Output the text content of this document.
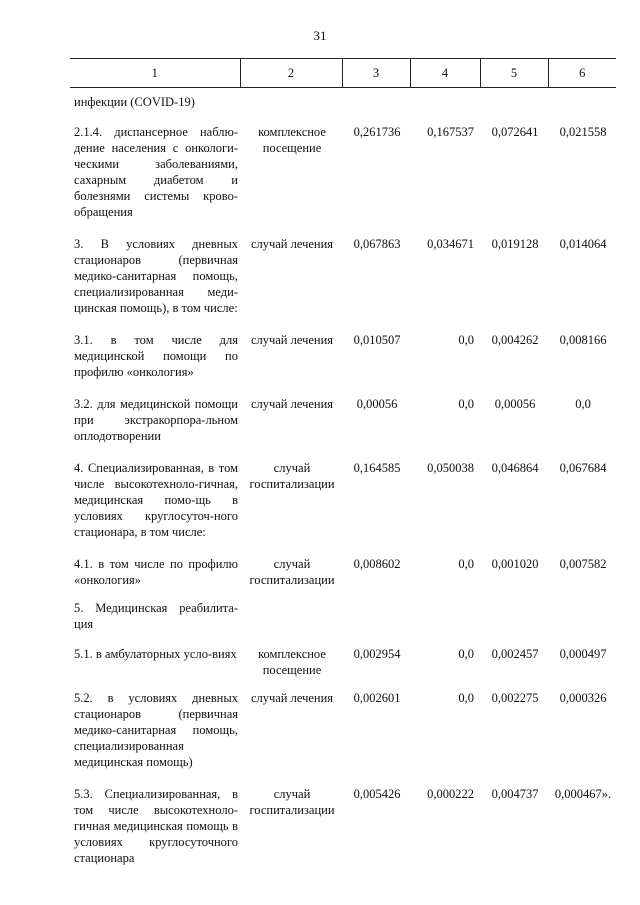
31
1	2	3	4	5	6
инфекции (COVID-19)					
2.1.4. диспансерное наблю-дение населения с онкологи-ческими заболеваниями, сахарным диабетом и болезнями системы крово-обращения	комплексное посещение	0,261736	0,167537	0,072641	0,021558
3. В условиях дневных стационаров (первичная медико-санитарная помощь, специализированная меди-цинская помощь), в том числе:	случай лечения	0,067863	0,034671	0,019128	0,014064
3.1. в том числе для медицинской помощи по профилю «онкология»	случай лечения	0,010507	0,0	0,004262	0,008166
3.2. для медицинской помощи при экстракорпора-льном оплодотворении	случай лечения	0,00056	0,0	0,00056	0,0
4. Специализированная, в том числе высокотехноло-гичная, медицинская помо-щь в условиях круглосуточ-ного стационара, в том числе:	случай госпитализации	0,164585	0,050038	0,046864	0,067684
4.1. в том числе по профилю «онкология»	случай госпитализации	0,008602	0,0	0,001020	0,007582
5. Медицинская реабилита-ция					
5.1. в амбулаторных усло-виях	комплексное посещение	0,002954	0,0	0,002457	0,000497
5.2. в условиях дневных стационаров (первичная медико-санитарная помощь, специализированная медицинская помощь)	случай лечения	0,002601	0,0	0,002275	0,000326
5.3. Специализированная, в том числе высокотехноло-гичная медицинская помощь в условиях круглосуточного стационара	случай госпитализации	0,005426	0,000222	0,004737	0,000467».
